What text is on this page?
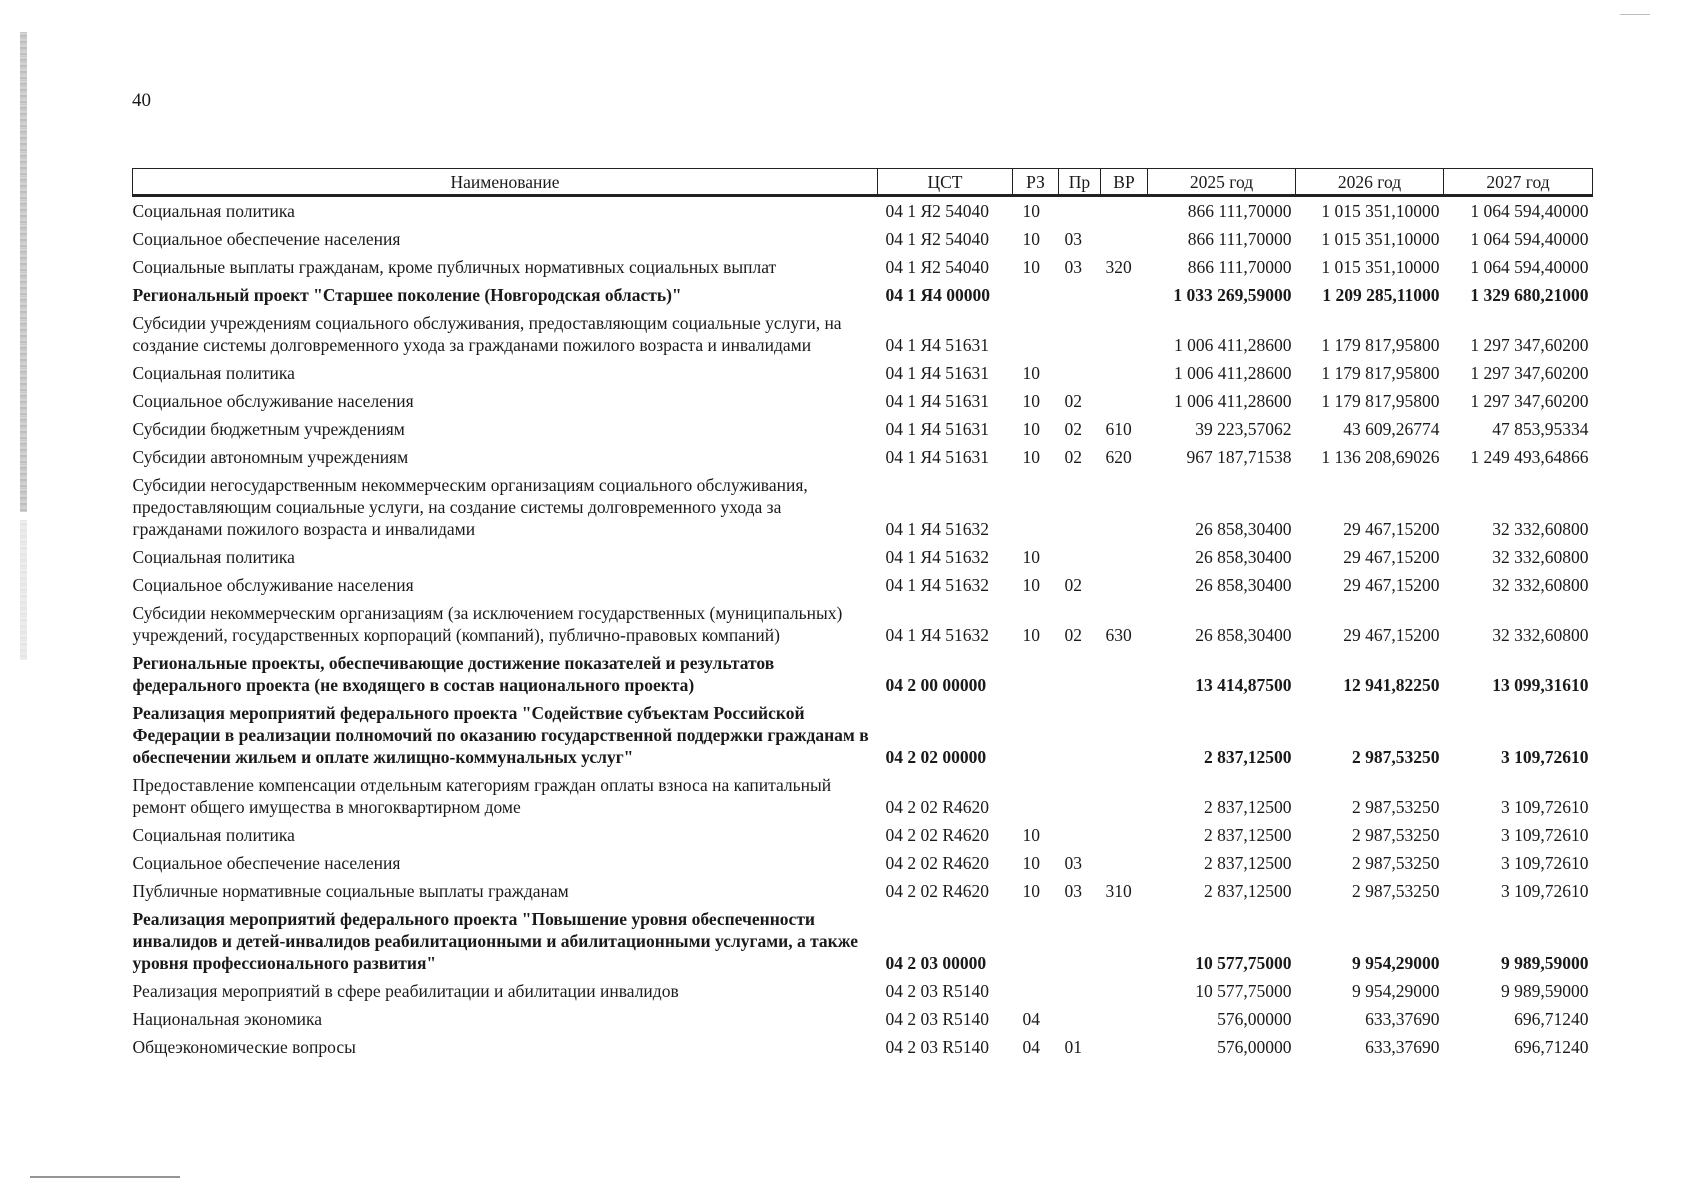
40
Наименование	ЦСТ	РЗ	Пр	ВР	2025 год	2026 год	2027 год
Социальная политика	04 1 Я2 54040	10			866 111,70000	1 015 351,10000	1 064 594,40000
Социальное обеспечение населения	04 1 Я2 54040	10	03		866 111,70000	1 015 351,10000	1 064 594,40000
Социальные выплаты гражданам, кроме публичных нормативных социальных выплат	04 1 Я2 54040	10	03	320	866 111,70000	1 015 351,10000	1 064 594,40000
Региональный проект "Старшее поколение (Новгородская область)"	04 1 Я4 00000				1 033 269,59000	1 209 285,11000	1 329 680,21000
Субсидии учреждениям социального обслуживания, предоставляющим социальные услуги, на создание системы долговременного ухода за гражданами пожилого возраста и инвалидами	04 1 Я4 51631				1 006 411,28600	1 179 817,95800	1 297 347,60200
Социальная политика	04 1 Я4 51631	10			1 006 411,28600	1 179 817,95800	1 297 347,60200
Социальное обслуживание населения	04 1 Я4 51631	10	02		1 006 411,28600	1 179 817,95800	1 297 347,60200
Субсидии бюджетным учреждениям	04 1 Я4 51631	10	02	610	39 223,57062	43 609,26774	47 853,95334
Субсидии автономным учреждениям	04 1 Я4 51631	10	02	620	967 187,71538	1 136 208,69026	1 249 493,64866
Субсидии негосударственным некоммерческим организациям социального обслуживания, предоставляющим социальные услуги, на создание системы долговременного ухода за гражданами пожилого возраста и инвалидами	04 1 Я4 51632				26 858,30400	29 467,15200	32 332,60800
Социальная политика	04 1 Я4 51632	10			26 858,30400	29 467,15200	32 332,60800
Социальное обслуживание населения	04 1 Я4 51632	10	02		26 858,30400	29 467,15200	32 332,60800
Субсидии некоммерческим организациям (за исключением государственных (муниципальных) учреждений, государственных корпораций (компаний), публично-правовых компаний)	04 1 Я4 51632	10	02	630	26 858,30400	29 467,15200	32 332,60800
Региональные проекты, обеспечивающие достижение показателей и результатов федерального проекта (не входящего в состав национального проекта)	04 2 00 00000				13 414,87500	12 941,82250	13 099,31610
Реализация мероприятий федерального проекта "Содействие субъектам Российской Федерации в реализации полномочий по оказанию государственной поддержки гражданам в обеспечении жильем и оплате жилищно-коммунальных услуг"	04 2 02 00000				2 837,12500	2 987,53250	3 109,72610
Предоставление компенсации отдельным категориям граждан оплаты взноса на капитальный ремонт общего имущества в многоквартирном доме	04 2 02 R4620				2 837,12500	2 987,53250	3 109,72610
Социальная политика	04 2 02 R4620	10			2 837,12500	2 987,53250	3 109,72610
Социальное обеспечение населения	04 2 02 R4620	10	03		2 837,12500	2 987,53250	3 109,72610
Публичные нормативные социальные выплаты гражданам	04 2 02 R4620	10	03	310	2 837,12500	2 987,53250	3 109,72610
Реализация мероприятий федерального проекта "Повышение уровня обеспеченности инвалидов и детей-инвалидов реабилитационными и абилитационными услугами, а также уровня профессионального развития"	04 2 03 00000				10 577,75000	9 954,29000	9 989,59000
Реализация мероприятий в сфере реабилитации и абилитации инвалидов	04 2 03 R5140				10 577,75000	9 954,29000	9 989,59000
Национальная экономика	04 2 03 R5140	04			576,00000	633,37690	696,71240
Общеэкономические вопросы	04 2 03 R5140	04	01		576,00000	633,37690	696,71240
